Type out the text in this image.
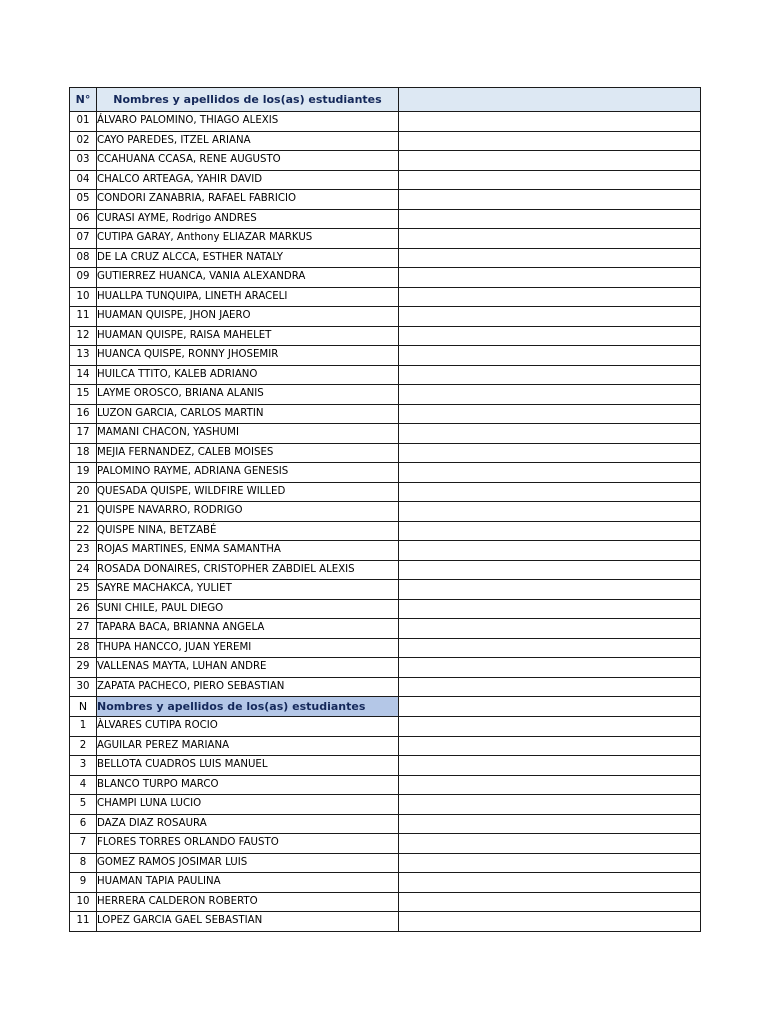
N°	Nombres y apellidos de los(as) estudiantes	
01	ÁLVARO PALOMINO, THIAGO ALEXIS	
02	CAYO PAREDES, ITZEL ARIANA	
03	CCAHUANA CCASA, RENE AUGUSTO	
04	CHALCO ARTEAGA, YAHIR DAVID	
05	CONDORI ZANABRIA, RAFAEL FABRICIO	
06	CURASI AYME, Rodrigo ANDRES	
07	CUTIPA GARAY, Anthony ELIAZAR MARKUS	
08	DE LA CRUZ ALCCA, ESTHER NATALY	
09	GUTIERREZ HUANCA, VANIA ALEXANDRA	
10	HUALLPA TUNQUIPA, LINETH ARACELI	
11	HUAMAN QUISPE, JHON JAERO	
12	HUAMAN QUISPE, RAISA MAHELET	
13	HUANCA QUISPE, RONNY JHOSEMIR	
14	HUILCA TTITO, KALEB ADRIANO	
15	LAYME OROSCO, BRIANA ALANIS	
16	LUZON GARCIA, CARLOS MARTIN	
17	MAMANI CHACON, YASHUMI	
18	MEJIA FERNANDEZ, CALEB MOISES	
19	PALOMINO RAYME, ADRIANA GENESIS	
20	QUESADA QUISPE, WILDFIRE WILLED	
21	QUISPE NAVARRO, RODRIGO	
22	QUISPE NINA, BETZABÉ	
23	ROJAS MARTINES, ENMA SAMANTHA	
24	ROSADA DONAIRES, CRISTOPHER ZABDIEL ALEXIS	
25	SAYRE MACHAKCA, YULIET	
26	SUNI CHILE, PAUL DIEGO	
27	TAPARA BACA, BRIANNA ANGELA	
28	THUPA HANCCO, JUAN YEREMI	
29	VALLENAS MAYTA, LUHAN ANDRE	
30	ZAPATA PACHECO, PIERO SEBASTIAN	
N	Nombres y apellidos de los(as) estudiantes	
1	ÀLVARES CUTIPA ROCIO	
2	AGUILAR PEREZ MARIANA	
3	BELLOTA CUADROS LUIS MANUEL	
4	BLANCO TURPO MARCO	
5	CHAMPI LUNA LUCIO	
6	DAZA DIAZ ROSAURA	
7	FLORES TORRES ORLANDO FAUSTO	
8	GOMEZ RAMOS JOSIMAR LUIS	
9	HUAMAN TAPIA PAULINA	
10	HERRERA CALDERON ROBERTO	
11	LOPEZ GARCIA GAEL SEBASTIAN	
